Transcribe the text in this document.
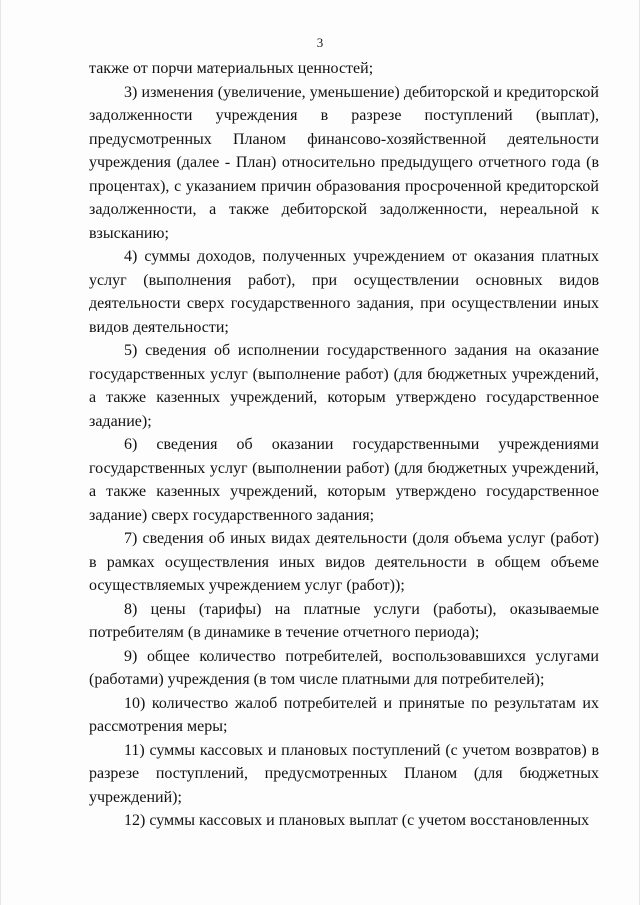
3

также от порчи материальных ценностей;

3) изменения (увеличение, уменьшение) дебиторской и кредиторской задолженности учреждения в разрезе поступлений (выплат), предусмотренных Планом финансово-хозяйственной деятельности учреждения (далее - План) относительно предыдущего отчетного года (в процентах), с указанием причин образования просроченной кредиторской задолженности, а также дебиторской задолженности, нереальной к взысканию;

4) суммы доходов, полученных учреждением от оказания платных услуг (выполнения работ), при осуществлении основных видов деятельности сверх государственного задания, при осуществлении иных видов деятельности;

5) сведения об исполнении государственного задания на оказание государственных услуг (выполнение работ) (для бюджетных учреждений, а также казенных учреждений, которым утверждено государственное задание);

6) сведения об оказании государственными учреждениями государственных услуг (выполнении работ) (для бюджетных учреждений, а также казенных учреждений, которым утверждено государственное задание) сверх государственного задания;

7) сведения об иных видах деятельности (доля объема услуг (работ) в рамках осуществления иных видов деятельности в общем объеме осуществляемых учреждением услуг (работ));

8) цены (тарифы) на платные услуги (работы), оказываемые потребителям (в динамике в течение отчетного периода);

9) общее количество потребителей, воспользовавшихся услугами (работами) учреждения (в том числе платными для потребителей);

10) количество жалоб потребителей и принятые по результатам их рассмотрения меры;

11) суммы кассовых и плановых поступлений (с учетом возвратов) в разрезе поступлений, предусмотренных Планом (для бюджетных учреждений);

12) суммы кассовых и плановых выплат (с учетом восстановленных
